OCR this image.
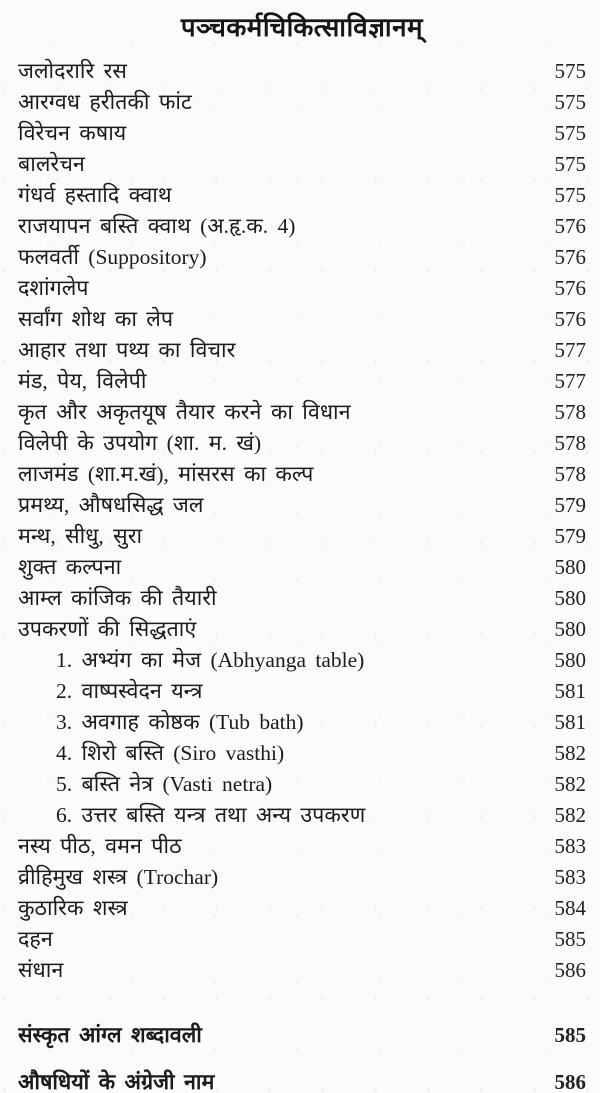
पञ्चकर्मचिकित्साविज्ञानम्
जलोदरारि रस	575
आरग्वध हरीतकी फांट	575
विरेचन कषाय	575
बालरेचन	575
गंधर्व हस्तादि क्वाथ	575
राजयापन बस्ति क्वाथ (अ.हृ.क. 4)	576
फलवर्ती (Suppository)	576
दशांगलेप	576
सर्वांग शोथ का लेप	576
आहार तथा पथ्य का विचार	577
मंड, पेय, विलेपी	577
कृत और अकृतयूष तैयार करने का विधान	578
विलेपी के उपयोग (शा. म. खं)	578
लाजमंड (शा.म.खं), मांसरस का कल्प	578
प्रमथ्य, औषधसिद्ध जल	579
मन्थ, सीधु, सुरा	579
शुक्त कल्पना	580
आम्ल कांजिक की तैयारी	580
उपकरणों की सिद्धताएं	580
1. अभ्यंग का मेज (Abhyanga table)	580
2. वाष्पस्वेदन यन्त्र	581
3. अवगाह कोष्ठक (Tub bath)	581
4. शिरो बस्ति (Siro vasthi)	582
5. बस्ति नेत्र (Vasti netra)	582
6. उत्तर बस्ति यन्त्र तथा अन्य उपकरण	582
नस्य पीठ, वमन पीठ	583
व्रीहिमुख शस्त्र (Trochar)	583
कुठारिक शस्त्र	584
दहन	585
संधान	586
संस्कृत आंग्ल शब्दावली	585
औषधियों के अंग्रेजी नाम	586
